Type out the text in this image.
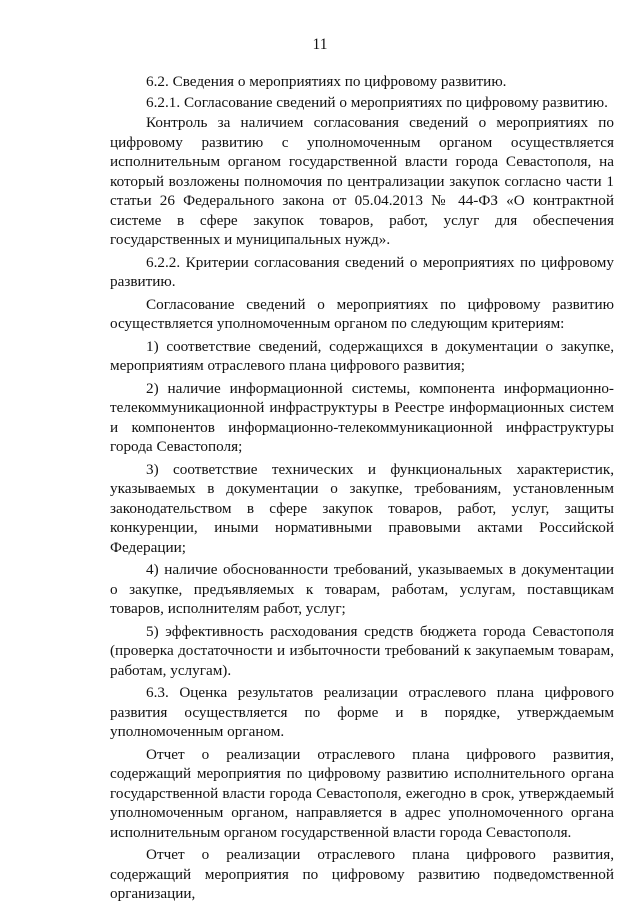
11

6.2. Сведения о мероприятиях по цифровому развитию.

6.2.1. Согласование сведений о мероприятиях по цифровому развитию.

Контроль за наличием согласования сведений о мероприятиях по цифровому развитию с уполномоченным органом осуществляется исполнительным органом государственной власти города Севастополя, на который возложены полномочия по централизации закупок согласно части 1 статьи 26 Федерального закона от 05.04.2013 № 44-ФЗ «О контрактной системе в сфере закупок товаров, работ, услуг для обеспечения государственных и муниципальных нужд».

6.2.2. Критерии согласования сведений о мероприятиях по цифровому развитию.

Согласование сведений о мероприятиях по цифровому развитию осуществляется уполномоченным органом по следующим критериям:

1) соответствие сведений, содержащихся в документации о закупке, мероприятиям отраслевого плана цифрового развития;

2) наличие информационной системы, компонента информационно-телекоммуникационной инфраструктуры в Реестре информационных систем и компонентов информационно-телекоммуникационной инфраструктуры города Севастополя;

3) соответствие технических и функциональных характеристик, указываемых в документации о закупке, требованиям, установленным законодательством в сфере закупок товаров, работ, услуг, защиты конкуренции, иными нормативными правовыми актами Российской Федерации;

4) наличие обоснованности требований, указываемых в документации о закупке, предъявляемых к товарам, работам, услугам, поставщикам товаров, исполнителям работ, услуг;

5) эффективность расходования средств бюджета города Севастополя (проверка достаточности и избыточности требований к закупаемым товарам, работам, услугам).

6.3. Оценка результатов реализации отраслевого плана цифрового развития осуществляется по форме и в порядке, утверждаемым уполномоченным органом.

Отчет о реализации отраслевого плана цифрового развития, содержащий мероприятия по цифровому развитию исполнительного органа государственной власти города Севастополя, ежегодно в срок, утверждаемый уполномоченным органом, направляется в адрес уполномоченного органа исполнительным органом государственной власти города Севастополя.

Отчет о реализации отраслевого плана цифрового развития, содержащий мероприятия по цифровому развитию подведомственной организации,
